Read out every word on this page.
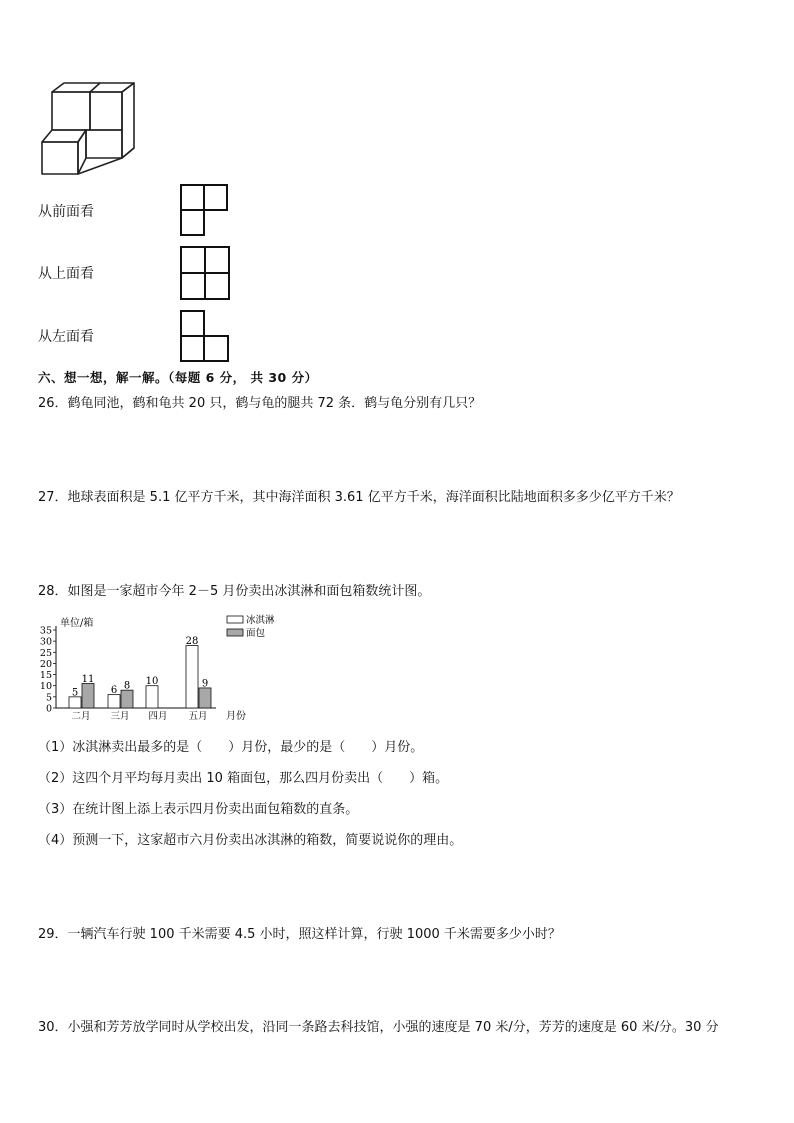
从前面看
从上面看
从左面看
六、想一想，解一解。（每题 6 分， 共 30 分）
26．鹤龟同池，鹤和龟共 20 只，鹤与龟的腿共 72 条．鹤与龟分别有几只？
27．地球表面积是 5.1 亿平方千米，其中海洋面积 3.61 亿平方千米，海洋面积比陆地面积多多少亿平方千米？
28．如图是一家超市今年 2－5 月份卖出冰淇淋和面包箱数统计图。
单位/箱
月份
冰淇淋
面包
0
5
10
15
20
25
30
35
二月
5
11
三月
6 8
四月
10
五月
28
9
（1）冰淇淋卖出最多的是（　　）月份，最少的是（　　）月份。
（2）这四个月平均每月卖出 10 箱面包，那么四月份卖出（　　）箱。
（3）在统计图上添上表示四月份卖出面包箱数的直条。
（4）预测一下，这家超市六月份卖出冰淇淋的箱数，简要说说你的理由。
29．一辆汽车行驶 100 千米需要 4.5 小时，照这样计算，行驶 1000 千米需要多少小时？
30．小强和芳芳放学同时从学校出发，沿同一条路去科技馆，小强的速度是 70 米/分，芳芳的速度是 60 米/分。30 分
